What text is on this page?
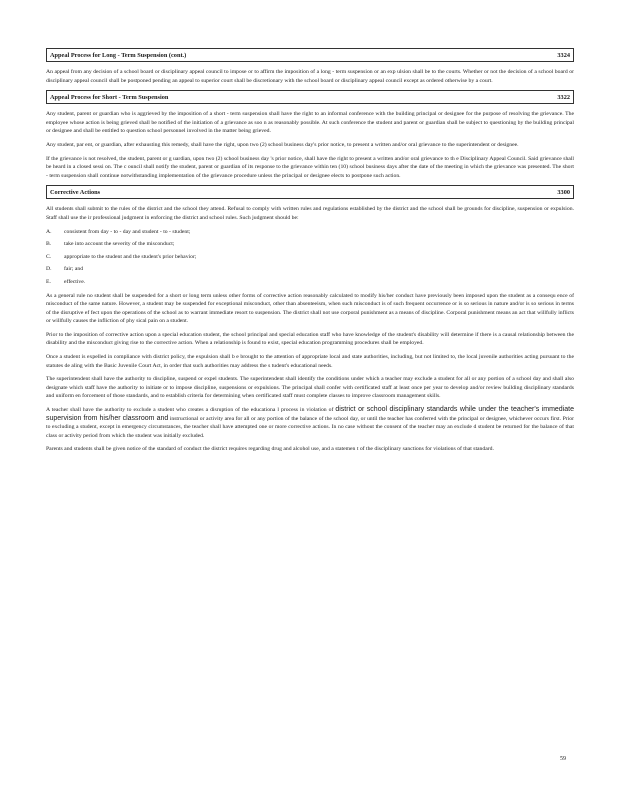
Appeal Process for Long - Term Suspension (cont.)	3324

An appeal from any decision of a school board or disciplinary appeal council to impose or to affirm the imposition of a long - term suspension or an exp ulsion shall be to the courts. Whether or not the decision of a school board or disciplinary appeal council shall be postponed pending an appeal to superior court shall be discretionary with the school board or disciplinary appeal council except as ordered otherwise by a court.

Appeal Process for Short - Term Suspension	3322

Any student, parent or guardian who is aggrieved by the imposition of a short - term suspension shall have the right to an informal conference with the building principal or designee for the purpose of resolving the grievance. The employee whose action is being grieved shall be notified of the initiation of a grievance as soo n as reasonably possible. At such conference the student and parent or guardian shall be subject to questioning by the building principal or designee and shall be entitled to question school personnel involved in the matter being grieved.

Any student, par ent, or guardian, after exhausting this remedy, shall have the right, upon two (2) school business day's prior notice, to present a written and/or oral grievance to the superintendent or designee.

If the grievance is not resolved, the student, parent or g uardian, upon two (2) school business day 's prior notice, shall have the right to present a written and/or oral grievance to th e Disciplinary Appeal Council. Said grievance shall be heard in a closed sessi on. The c ouncil shall notify the student, parent or guardian of its response to the grievance within ten (10) school business days after the date of the meeting in which the grievance was presented. The short - term suspension shall continue notwithstanding implementation of the grievance procedure unless the principal or designee elects to postpone such action.

Corrective Actions	3300

All students shall submit to the rules of the district and the school they attend. Refusal to comply with written rules and regulations established by the district and the school shall be grounds for discipline, suspension or expulsion. Staff shall use the ir professional judgment in enforcing the district and school rules. Such judgment should be:

A.	consistent from day - to - day and student - to - student;
B.	take into account the severity of the misconduct;
C.	appropriate to the student and the student's prior behavior;
D.	fair; and
E.	effective.

As a general rule no student shall be suspended for a short or long term unless other forms of corrective action reasonably calculated to modify his/her conduct have previously been imposed upon the student as a consequ ence of misconduct of the same nature. However, a student may be suspended for exceptional misconduct, other than absenteeism, when such misconduct is of such frequent occurrence or is so serious in nature and/or is so serious in terms of the disruptive ef fect upon the operations of the school as to warrant immediate resort to suspension. The district shall not use corporal punishment as a means of discipline. Corporal punishment means an act that willfully inflicts or willfully causes the infliction of phy sical pain on a student.

Prior to the imposition of corrective action upon a special education student, the school principal and special education staff who have knowledge of the student's disability will determine if there is a causal relationship between the disability and the misconduct giving rise to the corrective action. When a relationship is found to exist, special education programming procedures shall be employed.

Once a student is expelled in compliance with district policy, the expulsion shall b e brought to the attention of appropriate local and state authorities, including, but not limited to, the local juvenile authorities acting pursuant to the statutes de aling with the Basic Juvenile Court Act, in order that such authorities may address the s tudent's educational needs.

The superintendent shall have the authority to discipline, suspend or expel students. The superintendent shall identify the conditions under which a teacher may exclude a student for all or any portion of a school day and shall also designate which staff have the authority to initiate or to impose discipline, suspensions or expulsions. The principal shall confer with certificated staff at least once per year to develop and/or review building disciplinary standards and uniform en forcement of those standards, and to establish criteria for determining when certificated staff must complete classes to improve classroom management skills.

A teacher shall have the authority to exclude a student who creates a disruption of the educationa l process in violation of district or school disciplinary standards while under the teacher's immediate supervision from his/her classroom and instructional or activity area for all or any portion of the balance of the school day, or until the teacher has conferred with the principal or designee, whichever occurs first. Prior to excluding a student, except in emergency circumstances, the teacher shall have attempted one or more corrective actions. In no case without the consent of the teacher may an exclude d student be returned for the balance of that class or activity period from which the student was initially excluded.

Parents and students shall be given notice of the standard of conduct the district requires regarding drug and alcohol use, and a statemen t of the disciplinary sanctions for violations of that standard.

59
